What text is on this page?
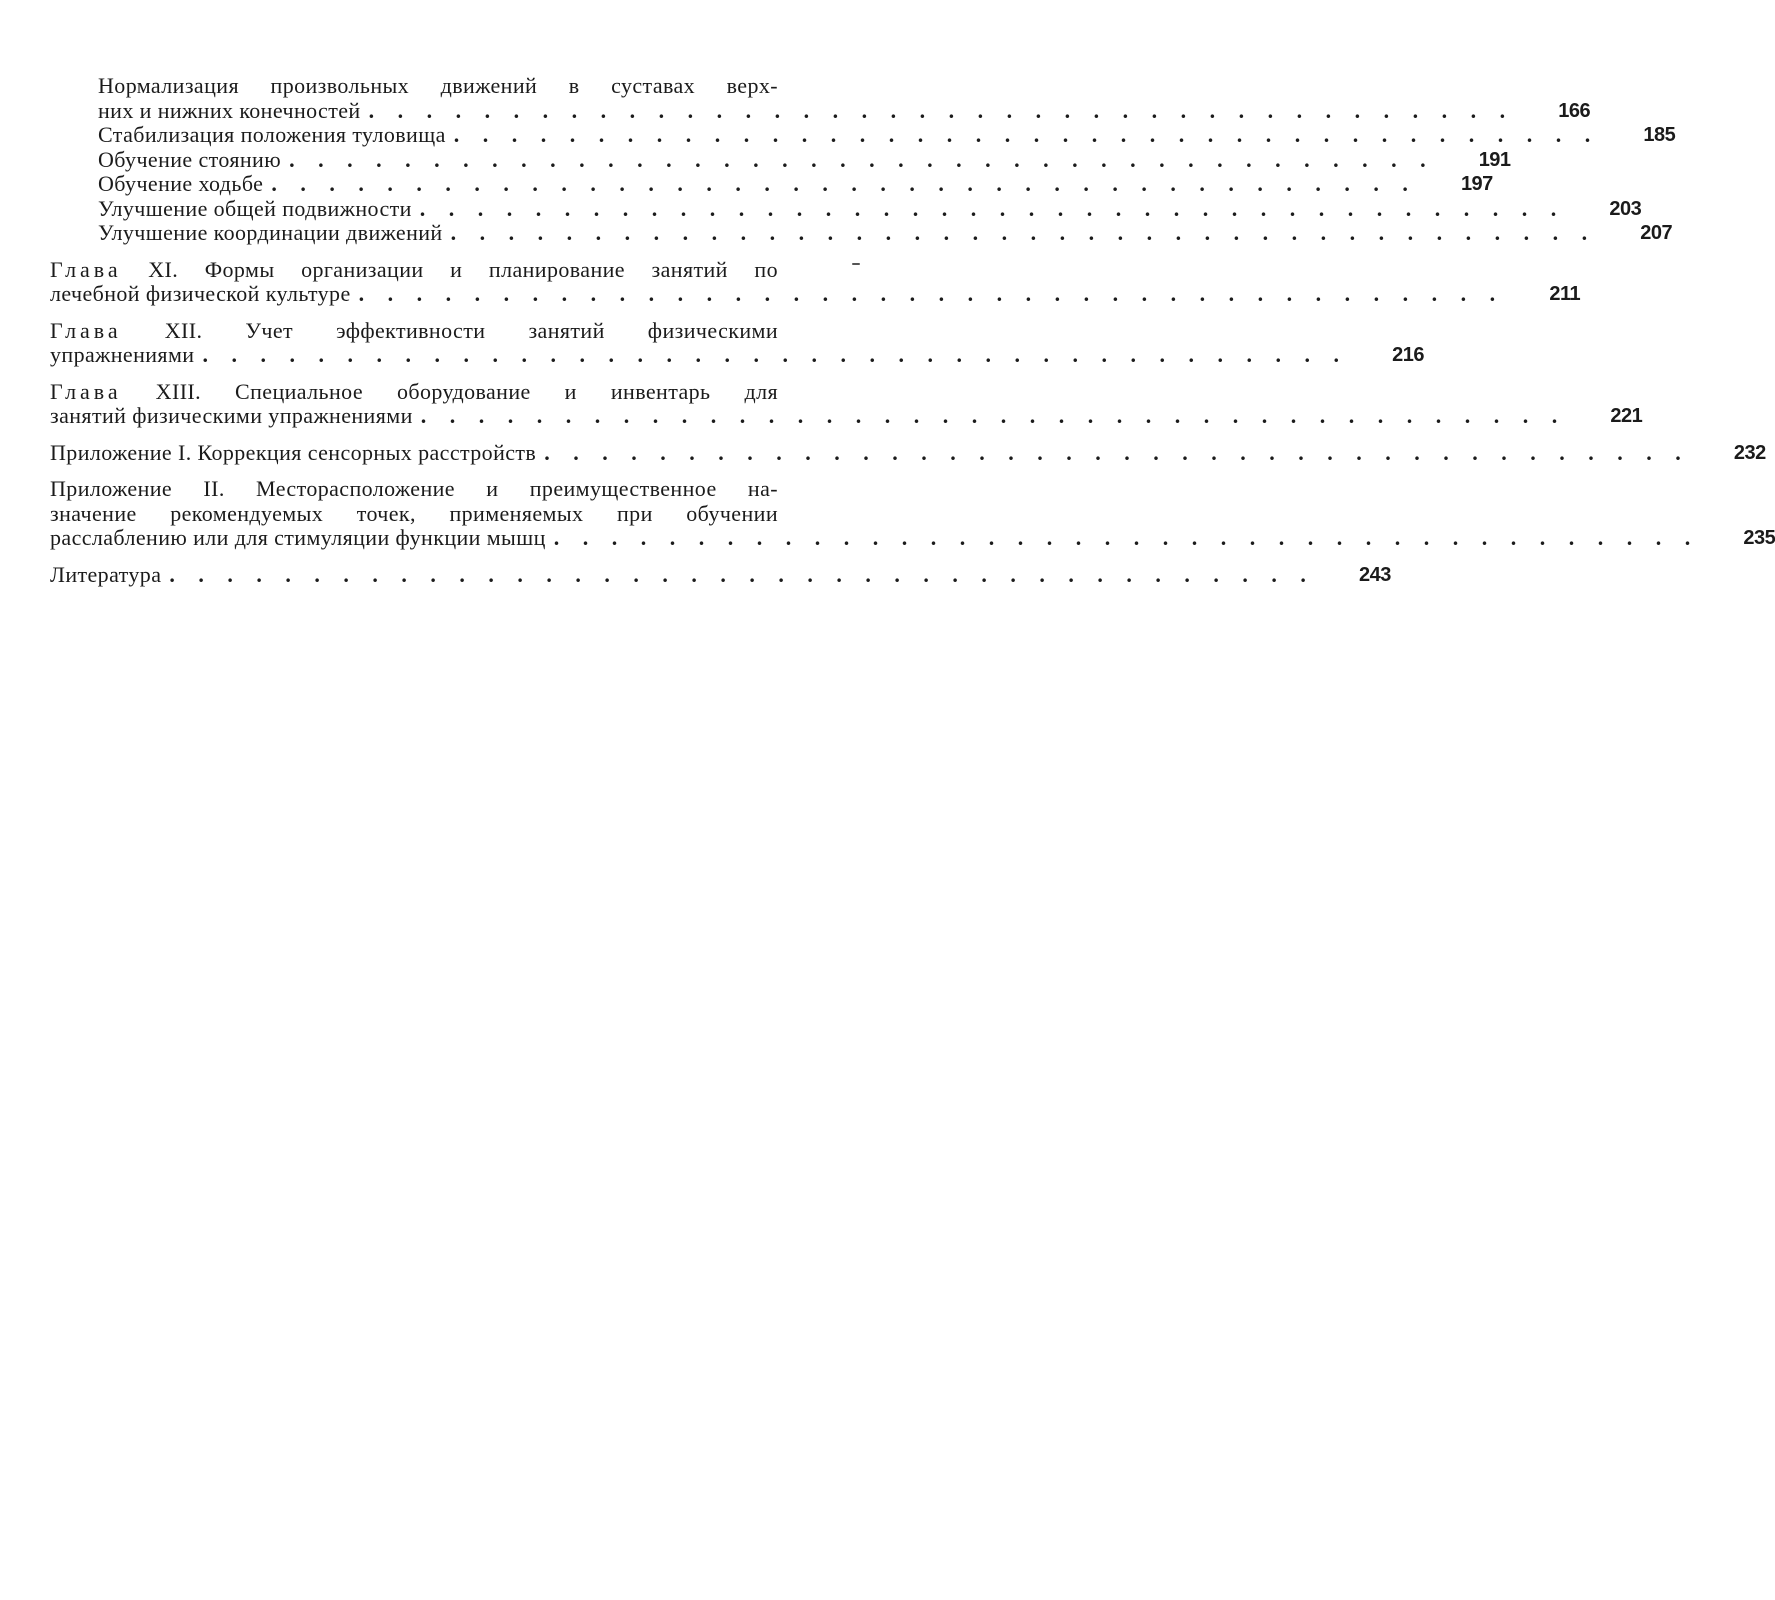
Нормализация произвольных движений в суставах верх-
них и нижних конечностей . . . . . . . . . . . . . . . . . . . . . . . . . . . . . . . . . . . . . . . .	166
Стабилизация положения туловища . . . . . . . . . . . . . . . . . . . . . . . . . . . . . . . . . . . . . . . .	185
Обучение стоянию . . . . . . . . . . . . . . . . . . . . . . . . . . . . . . . . . . . . . . . .	191
Обучение ходьбе . . . . . . . . . . . . . . . . . . . . . . . . . . . . . . . . . . . . . . . .	197
Улучшение общей подвижности . . . . . . . . . . . . . . . . . . . . . . . . . . . . . . . . . . . . . . . .	203
Улучшение координации движений . . . . . . . . . . . . . . . . . . . . . . . . . . . . . . . . . . . . . . . .	207
Глава XI. Формы организации и планирование занятий по
лечебной физической культуре . . . . . . . . . . . . . . . . . . . . . . . . . . . . . . . . . . . . . . . .	211
Глава XII. Учет эффективности занятий физическими
упражнениями . . . . . . . . . . . . . . . . . . . . . . . . . . . . . . . . . . . . . . . .	216
Глава XIII. Специальное оборудование и инвентарь для
занятий физическими упражнениями . . . . . . . . . . . . . . . . . . . . . . . . . . . . . . . . . . . . . . . .	221
Приложение I. Коррекция сенсорных расстройств . . . . . . . . . . . . . . . . . . . . . . . . . . . . . . . . . . . . . . . .	232
Приложение II. Месторасположение и преимущественное на-
значение рекомендуемых точек, применяемых при обучении
расслаблению или для стимуляции функции мышц . . . . . . . . . . . . . . . . . . . . . . . . . . . . . . . . . . . . . . . .	235
Литература . . . . . . . . . . . . . . . . . . . . . . . . . . . . . . . . . . . . . . . .	243
